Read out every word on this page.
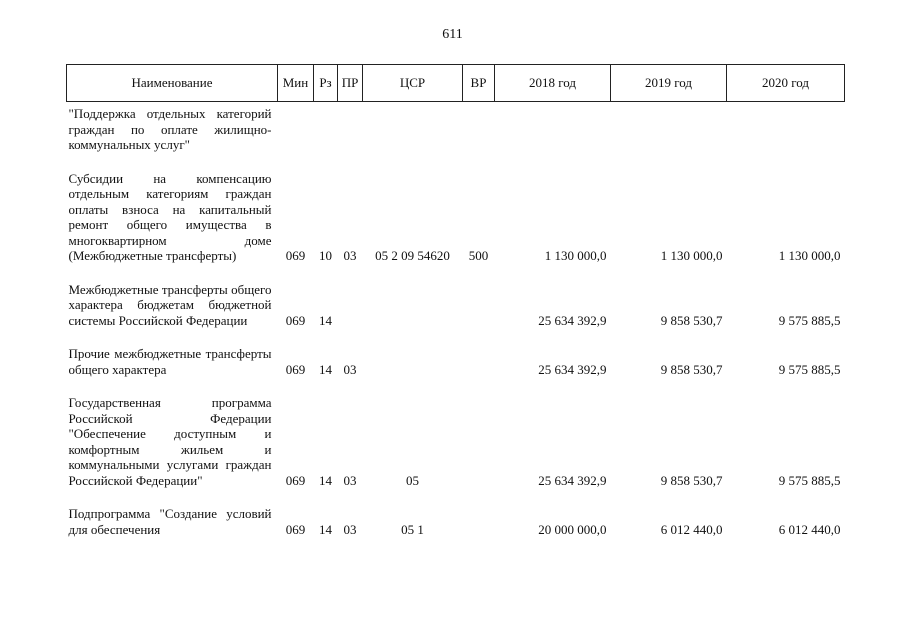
611
Наименование	Мин	Рз	ПР	ЦСР	ВР	2018 год	2019 год	2020 год
"Поддержка отдельных категорий граждан по оплате жилищно-коммунальных услуг"								
Субсидии на компенсацию отдельным категориям граждан оплаты взноса на капитальный ремонт общего имущества в многоквартирном доме (Межбюджетные трансферты)	069	10	03	05 2 09 54620	500	1 130 000,0	1 130 000,0	1 130 000,0
Межбюджетные трансферты общего характера бюджетам бюджетной системы Российской Федерации	069	14				25 634 392,9	9 858 530,7	9 575 885,5
Прочие межбюджетные трансферты общего характера	069	14	03			25 634 392,9	9 858 530,7	9 575 885,5
Государственная программа Российской Федерации "Обеспечение доступным и комфортным жильем и коммунальными услугами граждан Российской Федерации"	069	14	03	05		25 634 392,9	9 858 530,7	9 575 885,5
Подпрограмма "Создание условий для обеспечения	069	14	03	05 1		20 000 000,0	6 012 440,0	6 012 440,0
